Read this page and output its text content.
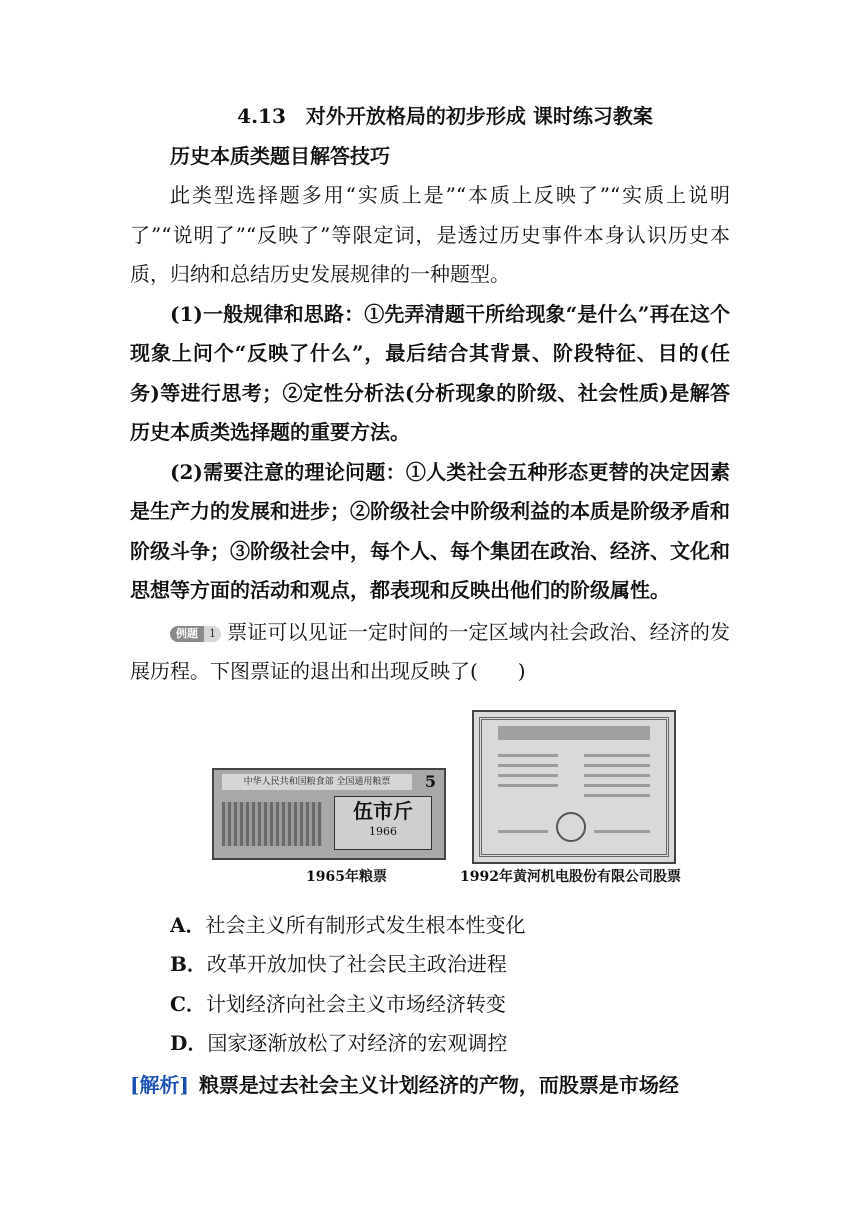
4.13　对外开放格局的初步形成 课时练习教案
历史本质类题目解答技巧

此类型选择题多用“实质上是”“本质上反映了”“实质上说明了”“说明了”“反映了”等限定词，是透过历史事件本身认识历史本质，归纳和总结历史发展规律的一种题型。

(1)一般规律和思路：①先弄清题干所给现象“是什么”再在这个现象上问个“反映了什么”，最后结合其背景、阶段特征、目的(任务)等进行思考；②定性分析法(分析现象的阶级、社会性质)是解答历史本质类选择题的重要方法。

(2)需要注意的理论问题：①人类社会五种形态更替的决定因素是生产力的发展和进步；②阶级社会中阶级利益的本质是阶级矛盾和阶级斗争；③阶级社会中，每个人、每个集团在政治、经济、文化和思想等方面的活动和观点，都表现和反映出他们的阶级属性。

例题 1 票证可以见证一定时间的一定区域内社会政治、经济的发展历程。下图票证的退出和出现反映了(　　)

中华人民共和国粮食部 全国通用粮票	5
伍市斤
1966
1965年粮票	1992年黄河机电股份有限公司股票
A．社会主义所有制形式发生根本性变化
B．改革开放加快了社会民主政治进程
C．计划经济向社会主义市场经济转变
D．国家逐渐放松了对经济的宏观调控
[解析] 粮票是过去社会主义计划经济的产物，而股票是市场经
